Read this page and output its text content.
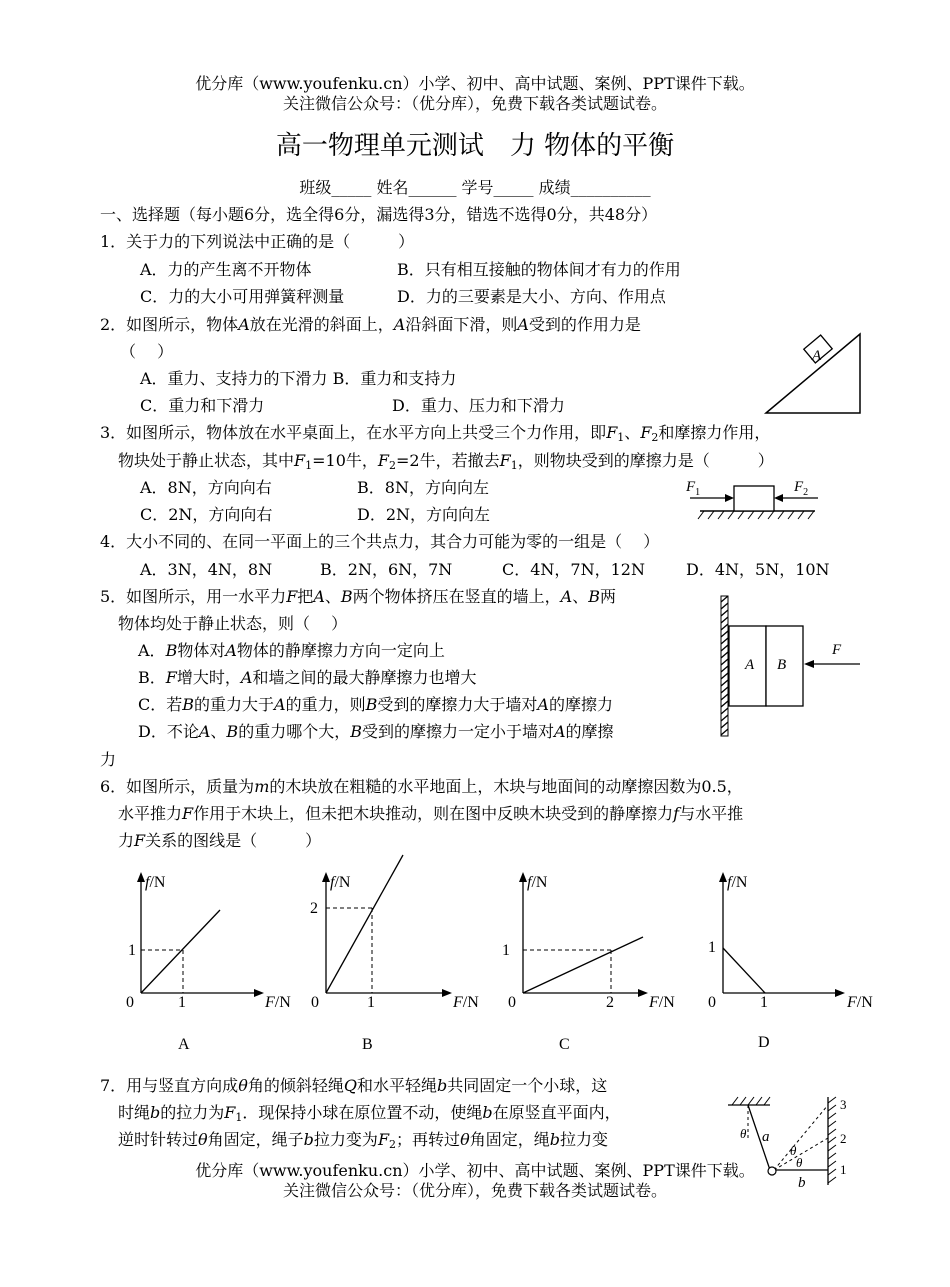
优分库（www.youfenku.cn）小学、初中、高中试题、案例、PPT课件下载。
关注微信公众号：（优分库），免费下载各类试题试卷。
高一物理单元测试　力 物体的平衡
班级_____ 姓名______ 学号_____ 成绩__________
一、选择题（每小题6分，选全得6分，漏选得3分，错选不选得0分，共48分）
1．关于力的下列说法中正确的是（　　　）
A．力的产生离不开物体	B．只有相互接触的物体间才有力的作用
C．力的大小可用弹簧秤测量	D．力的三要素是大小、方向、作用点
2．如图所示，物体A放在光滑的斜面上，A沿斜面下滑，则A受到的作用力是
（　 ）
A．重力、支持力的下滑力 B．重力和支持力
C．重力和下滑力	D．重力、压力和下滑力
A
3．如图所示，物体放在水平桌面上，在水平方向上共受三个力作用，即$F_1$、$F_2$和摩擦力作用，
物块处于静止状态，其中$F_1=10$牛，$F_2=2$牛，若撤去$F_1$，则物块受到的摩擦力是（　　　）
A．8N，方向向右	B．8N，方向向左
C．2N，方向向右	D．2N，方向向左
$F_1$	$F_2$
4．大小不同的、在同一平面上的三个共点力，其合力可能为零的一组是（　 ）
A．3N，4N，8N	B．2N，6N，7N	C．4N，7N，12N	D．4N，5N，10N
5．如图所示，用一水平力F把A、B两个物体挤压在竖直的墙上，A、B两
物体均处于静止状态，则（　 ）
A．B物体对A物体的静摩擦力方向一定向上
B．F增大时，A和墙之间的最大静摩擦力也增大
C．若B的重力大于A的重力，则B受到的摩擦力大于墙对A的摩擦力
D．不论A、B的重力哪个大，B受到的摩擦力一定小于墙对A的摩擦
力
A B
F
6．如图所示，质量为m的木块放在粗糙的水平地面上，木块与地面间的动摩擦因数为0.5，
水平推力F作用于木块上，但未把木块推动，则在图中反映木块受到的静摩擦力f与水平推
力F关系的图线是（　　　）
f/N
1
1
0	F/N
A
f/N
2
1
0	F/N
B
f/N
1
2
0	F/N
C
f/N
1
1
0	F/N
D
7．用与竖直方向成θ角的倾斜轻绳Q和水平轻绳b共同固定一个小球，这
时绳b的拉力为$F_1$．现保持小球在原位置不动，使绳b在原竖直平面内，
逆时针转过θ角固定，绳子b拉力变为$F_2$；再转过θ角固定，绳b拉力变	θ a
θ
θ
b
1
2
3
优分库（www.youfenku.cn）小学、初中、高中试题、案例、PPT课件下载。
关注微信公众号：（优分库），免费下载各类试题试卷。
